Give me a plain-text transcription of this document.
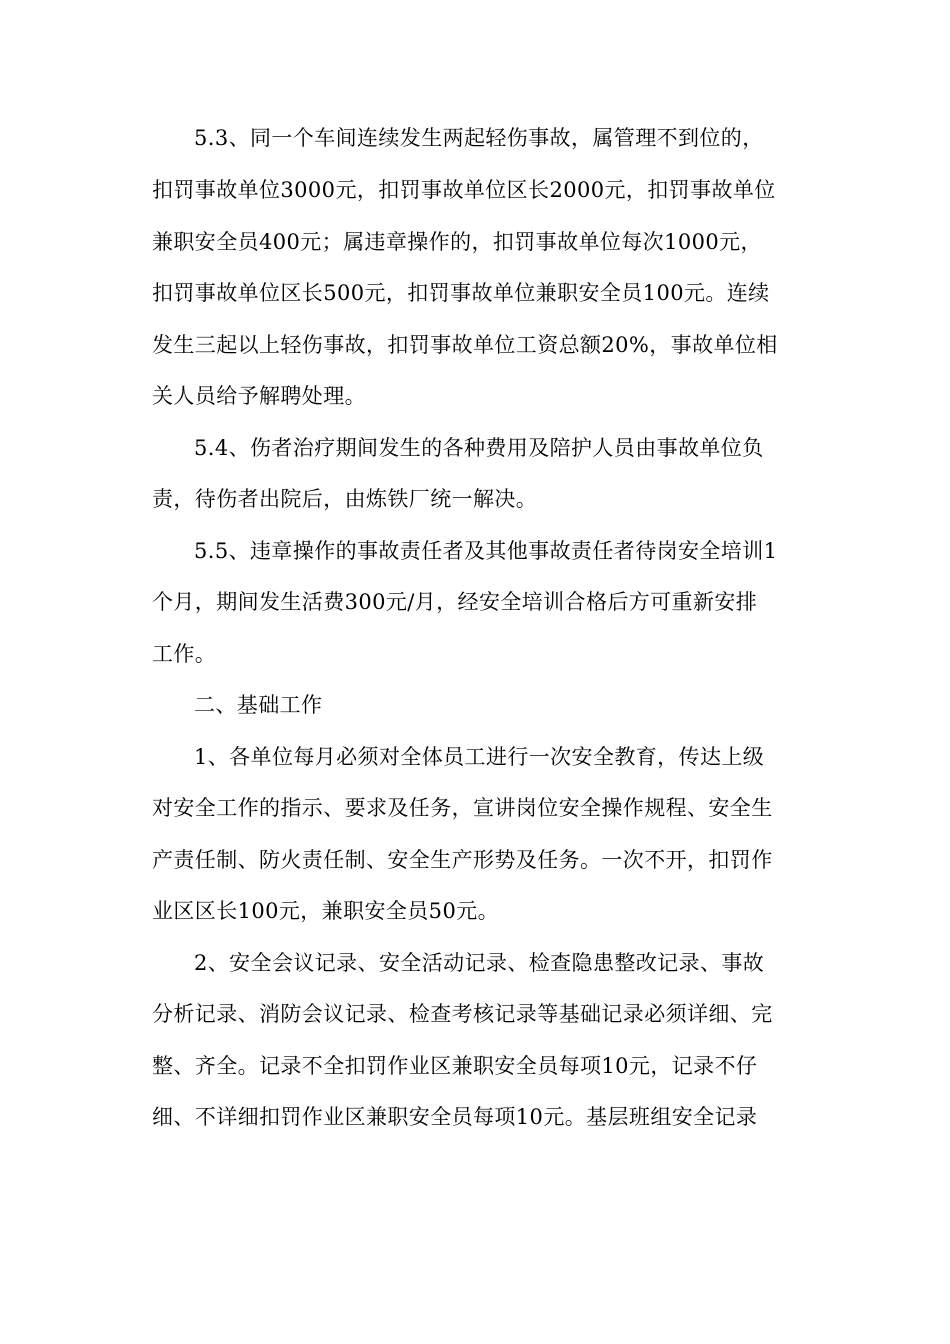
5.3、同一个车间连续发生两起轻伤事故，属管理不到位的，
扣罚事故单位3000元，扣罚事故单位区长2000元，扣罚事故单位
兼职安全员400元；属违章操作的，扣罚事故单位每次1000元，
扣罚事故单位区长500元，扣罚事故单位兼职安全员100元。连续
发生三起以上轻伤事故，扣罚事故单位工资总额20%，事故单位相
关人员给予解聘处理。
5.4、伤者治疗期间发生的各种费用及陪护人员由事故单位负
责，待伤者出院后，由炼铁厂统一解决。
5.5、违章操作的事故责任者及其他事故责任者待岗安全培训1
个月，期间发生活费300元/月，经安全培训合格后方可重新安排
工作。
二、基础工作
1、各单位每月必须对全体员工进行一次安全教育，传达上级
对安全工作的指示、要求及任务，宣讲岗位安全操作规程、安全生
产责任制、防火责任制、安全生产形势及任务。一次不开，扣罚作
业区区长100元，兼职安全员50元。
2、安全会议记录、安全活动记录、检查隐患整改记录、事故
分析记录、消防会议记录、检查考核记录等基础记录必须详细、完
整、齐全。记录不全扣罚作业区兼职安全员每项10元，记录不仔
细、不详细扣罚作业区兼职安全员每项10元。基层班组安全记录
